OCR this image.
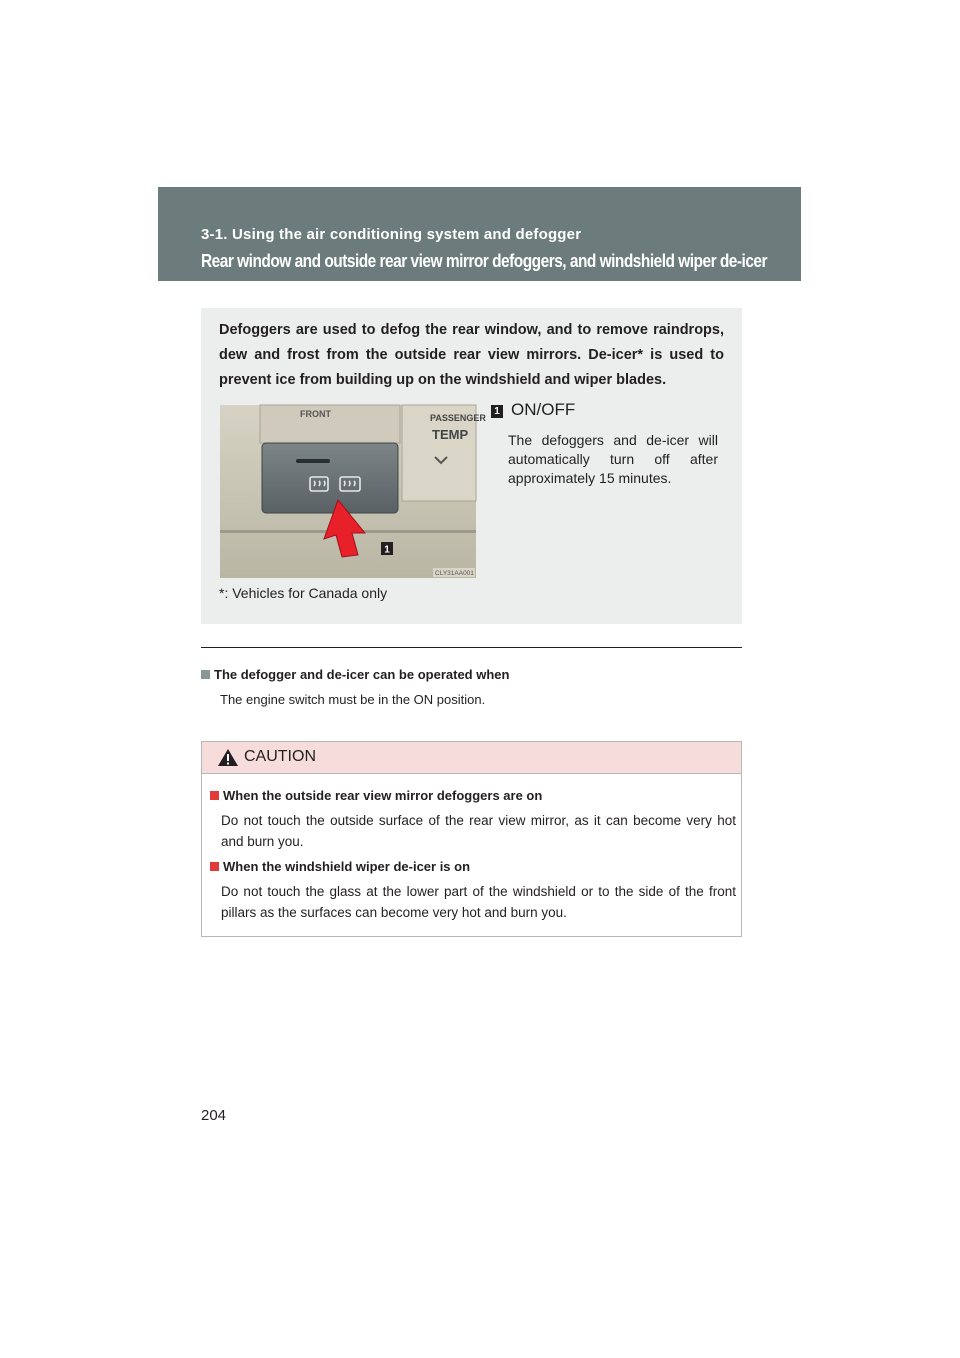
3-1. Using the air conditioning system and defogger
Rear window and outside rear view mirror defoggers, and windshield wiper de-icer
Defoggers are used to defog the rear window, and to remove raindrops, dew and frost from the outside rear view mirrors. De-icer* is used to prevent ice from building up on the windshield and wiper blades.
1
FRONT	PASSENGER
TEMP
CLY31AA001
1 ON/OFF
The defoggers and de-icer will automatically turn off after approximately 15 minutes.
*: Vehicles for Canada only
The defogger and de-icer can be operated when
The engine switch must be in the ON position.
CAUTION
When the outside rear view mirror defoggers are on
Do not touch the outside surface of the rear view mirror, as it can become very hot and burn you.
When the windshield wiper de-icer is on
Do not touch the glass at the lower part of the windshield or to the side of the front pillars as the surfaces can become very hot and burn you.
204
